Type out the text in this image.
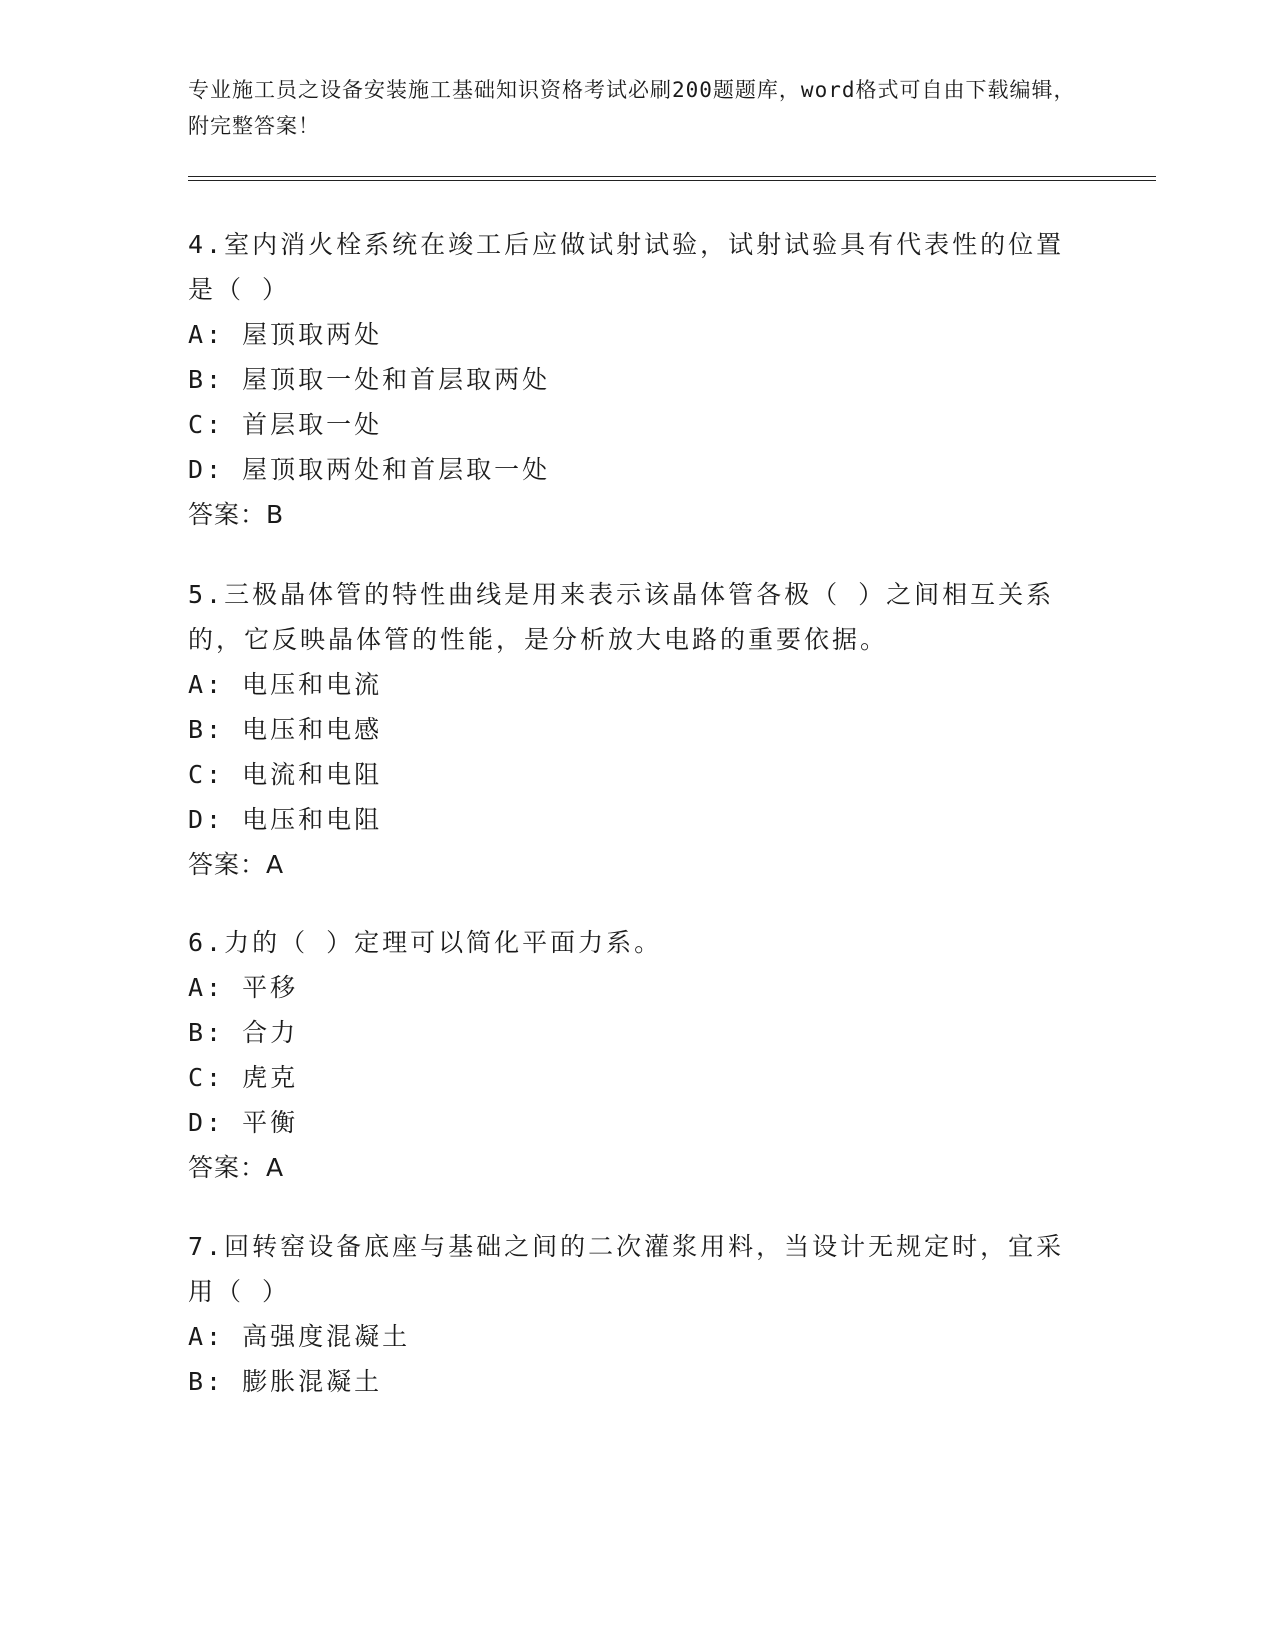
专业施工员之设备安装施工基础知识资格考试必刷200题题库，word格式可自由下载编辑，附完整答案！

4.室内消火栓系统在竣工后应做试射试验，试射试验具有代表性的位置是（ ）

A: 屋顶取两处

B: 屋顶取一处和首层取两处

C: 首层取一处

D: 屋顶取两处和首层取一处

答案：B

5.三极晶体管的特性曲线是用来表示该晶体管各极（ ）之间相互关系的，它反映晶体管的性能，是分析放大电路的重要依据。

A: 电压和电流

B: 电压和电感

C: 电流和电阻

D: 电压和电阻

答案：A

6.力的（ ）定理可以简化平面力系。

A: 平移

B: 合力

C: 虎克

D: 平衡

答案：A

7.回转窑设备底座与基础之间的二次灌浆用料，当设计无规定时，宜采用（ ）

A: 高强度混凝土

B: 膨胀混凝土
